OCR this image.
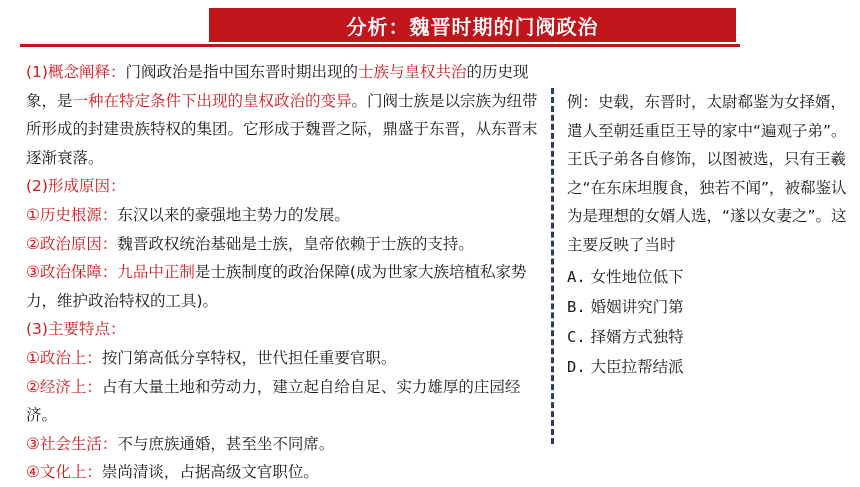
分析：魏晋时期的门阀政治

(1)概念阐释：门阀政治是指中国东晋时期出现的士族与皇权共治的历史现象，是一种在特定条件下出现的皇权政治的变异。门阀士族是以宗族为纽带所形成的封建贵族特权的集团。它形成于魏晋之际，鼎盛于东晋，从东晋末逐渐衰落。

(2)形成原因：

①历史根源：东汉以来的豪强地主势力的发展。

②政治原因：魏晋政权统治基础是士族，皇帝依赖于士族的支持。

③政治保障：九品中正制是士族制度的政治保障(成为世家大族培植私家势力，维护政治特权的工具)。

(3)主要特点：

①政治上：按门第高低分享特权，世代担任重要官职。

②经济上：占有大量土地和劳动力，建立起自给自足、实力雄厚的庄园经济。

③社会生活：不与庶族通婚，甚至坐不同席。

④文化上：崇尚清谈，占据高级文官职位。

例：史载，东晋时，太尉郗鉴为女择婿，遣人至朝廷重臣王导的家中“遍观子弟”。王氏子弟各自修饰，以图被选，只有王羲之“在东床坦腹食，独若不闻”，被郗鉴认为是理想的女婿人选，“遂以女妻之”。这主要反映了当时

A. 女性地位低下

B. 婚姻讲究门第

C. 择婿方式独特

D. 大臣拉帮结派
